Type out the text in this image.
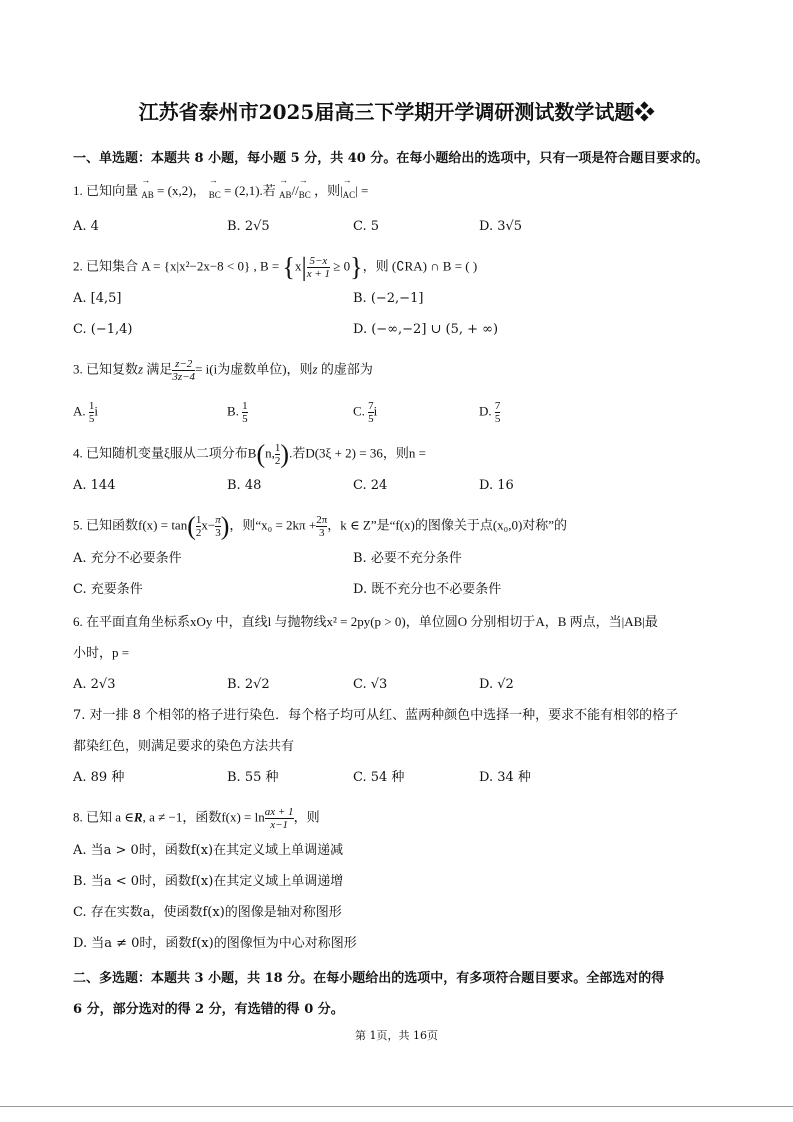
江苏省泰州市2025届高三下学期开学调研测试数学试题❖
一、单选题：本题共 8 小题，每小题 5 分，共 40 分。在每小题给出的选项中，只有一项是符合题目要求的。
1. 已知向量
→
$_{AB}$ = (x,2)，
→
$_{BC}$ = (2,1).若
→
$_{AB}$//
→
$_{BC}$ ，则|
→
$_{AC}$| =
A. 4	B. 2√5	C. 5	D. 3√5
2. 已知集合 A = {x|x²−2x−8 < 0} , $B = \{x| \frac{5-x}{x + 1} \ge 0\}$，则 (∁RA) ∩ B = ( )
A. [4,5]	B. (−2,−1]
C. (−1,4)	D. (−∞,−2] ∪ (5, + ∞)
3. 已知复数z 满足 $\frac{z-2}{3z-4} = i(i$为虚数单位)，则z 的虚部为
A. $\frac{1}{5}$ i	B. $\frac{1}{5}$	C. $\frac{7}{5}$ i	D. $\frac{7}{5}$
4. 已知随机变量ξ服从二项分布B(n, $\frac{1}{2}$ ).若D(3ξ + 2) = 36，则n =
A. 144	B. 48	C. 24	D. 16
5. 已知函数$f(x) = \tan( \frac{1}{2} x- \frac{\pi}{3}$ )，则“$x_0 = 2k\pi + \frac{2\pi}{3}$ ，k ∈ Z”是“f(x)的图像关于点(x₀,0)对称”的
A. 充分不必要条件	B. 必要不充分条件
C. 充要条件	D. 既不充分也不必要条件
6. 在平面直角坐标系xOy 中，直线l 与抛物线x² = 2py(p > 0)，单位圆O 分别相切于A，B 两点，当|AB|最
小时，p =
A. 2√3	B. 2√2	C. √3	D. √2
7. 对一排 8 个相邻的格子进行染色．每个格子均可从红、蓝两种颜色中选择一种，要求不能有相邻的格子
都染红色，则满足要求的染色方法共有
A. 89 种	B. 55 种	C. 54 种	D. 34 种
8. 已知 a ∈R, a ≠ −1，函数$f(x) = \ln \frac{ax + 1}{x-1}$ ，则
A. 当a > 0时，函数f(x)在其定义域上单调递减
B. 当a < 0时，函数f(x)在其定义域上单调递增
C. 存在实数a，使函数f(x)的图像是轴对称图形
D. 当a ≠ 0时，函数f(x)的图像恒为中心对称图形
二、多选题：本题共 3 小题，共 18 分。在每小题给出的选项中，有多项符合题目要求。全部选对的得
6 分，部分选对的得 2 分，有选错的得 0 分。
第 1页，共 16页
